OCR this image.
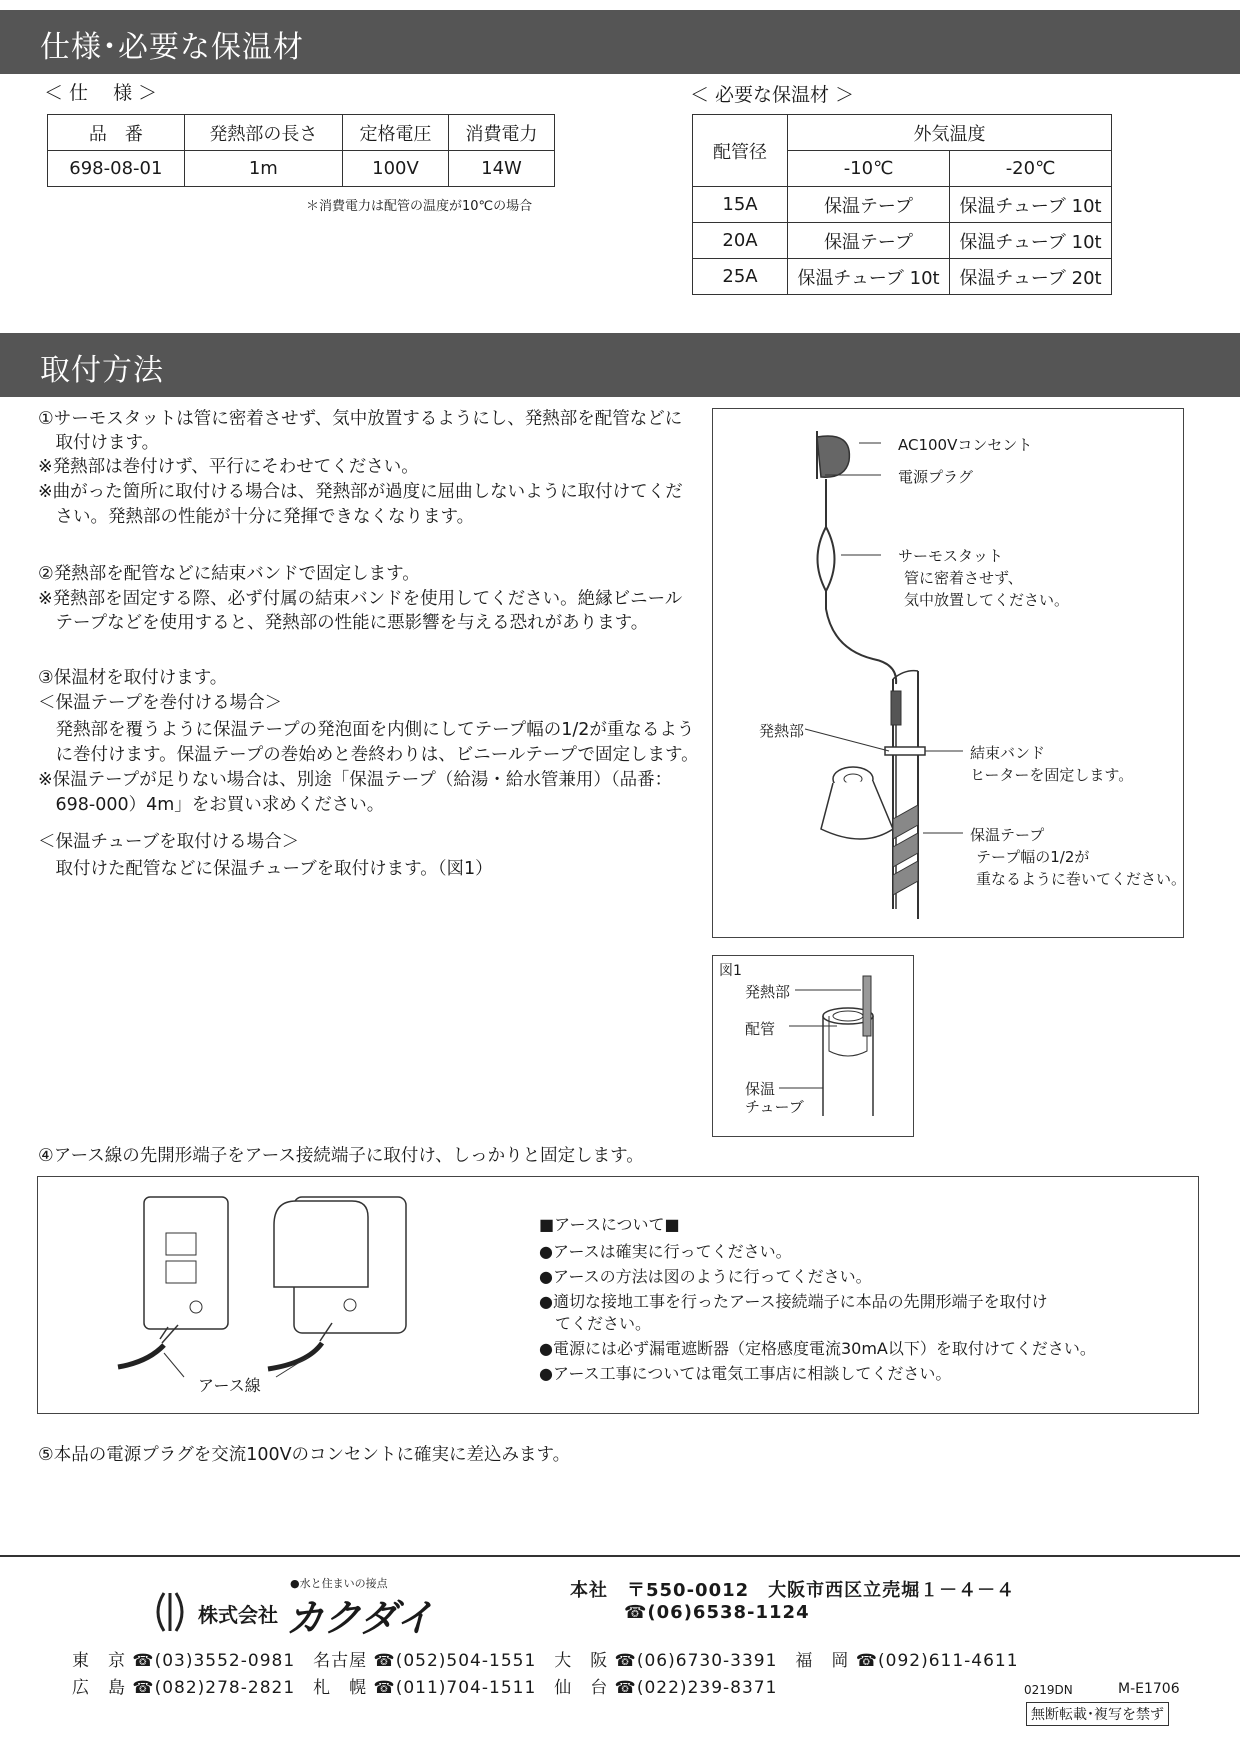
仕様･必要な保温材
＜ 仕　 様 ＞
品　番	発熱部の長さ	定格電圧	消費電力
698-08-01	1m	100V	14W
＊消費電力は配管の温度が10℃の場合
＜ 必要な保温材 ＞
配管径	外気温度	
	-10℃	-20℃
15A	保温テープ	保温チューブ 10t
20A	保温テープ	保温チューブ 10t
25A	保温チューブ 10t	保温チューブ 20t
取付方法
①サーモスタットは管に密着させず、気中放置するようにし、発熱部を配管などに
　取付けます。
※発熱部は巻付けず、平行にそわせてください。
※曲がった箇所に取付ける場合は、発熱部が過度に屈曲しないように取付けてくだ
　さい。発熱部の性能が十分に発揮できなくなります。
②発熱部を配管などに結束バンドで固定します。
※発熱部を固定する際、必ず付属の結束バンドを使用してください。絶縁ビニール
　テープなどを使用すると、発熱部の性能に悪影響を与える恐れがあります。
③保温材を取付けます。
＜保温テープを巻付ける場合＞
　発熱部を覆うように保温テープの発泡面を内側にしてテープ幅の1/2が重なるよう
　に巻付けます。保温テープの巻始めと巻終わりは、ビニールテープで固定します。
※保温テープが足りない場合は、別途「保温テープ（給湯・給水管兼用）（品番：
　698-000）4m」をお買い求めください。
＜保温チューブを取付ける場合＞
　取付けた配管などに保温チューブを取付けます。（図1）
AC100Vコンセント
電源プラグ
サーモスタット
管に密着させず、
気中放置してください。
発熱部
結束バンド
ヒーターを固定します。
保温テープ
テープ幅の1/2が
重なるように巻いてください。
図1
発熱部
配管
保温
チューブ
④アース線の先開形端子をアース接続端子に取付け、しっかりと固定します。
アース線
■アースについて■
●アースは確実に行ってください。
●アースの方法は図のように行ってください。
●適切な接地工事を行ったアース接続端子に本品の先開形端子を取付け
　てください。
●電源には必ず漏電遮断器（定格感度電流30mA以下）を取付けてください。
●アース工事については電気工事店に相談してください。
⑤本品の電源プラグを交流100Vのコンセントに確実に差込みます。
●水と住まいの接点
株式会社 カクダイ
本社　〒550-0012　大阪市西区立売堀１－４－４
☎(06)6538-1124
東　京 ☎(03)3552-0981　名古屋 ☎(052)504-1551　大　阪 ☎(06)6730-3391　福　岡 ☎(092)611-4611
広　島 ☎(082)278-2821　札　幌 ☎(011)704-1511　仙　台 ☎(022)239-8371	0219DN	M-E1706
無断転載･複写を禁ず
